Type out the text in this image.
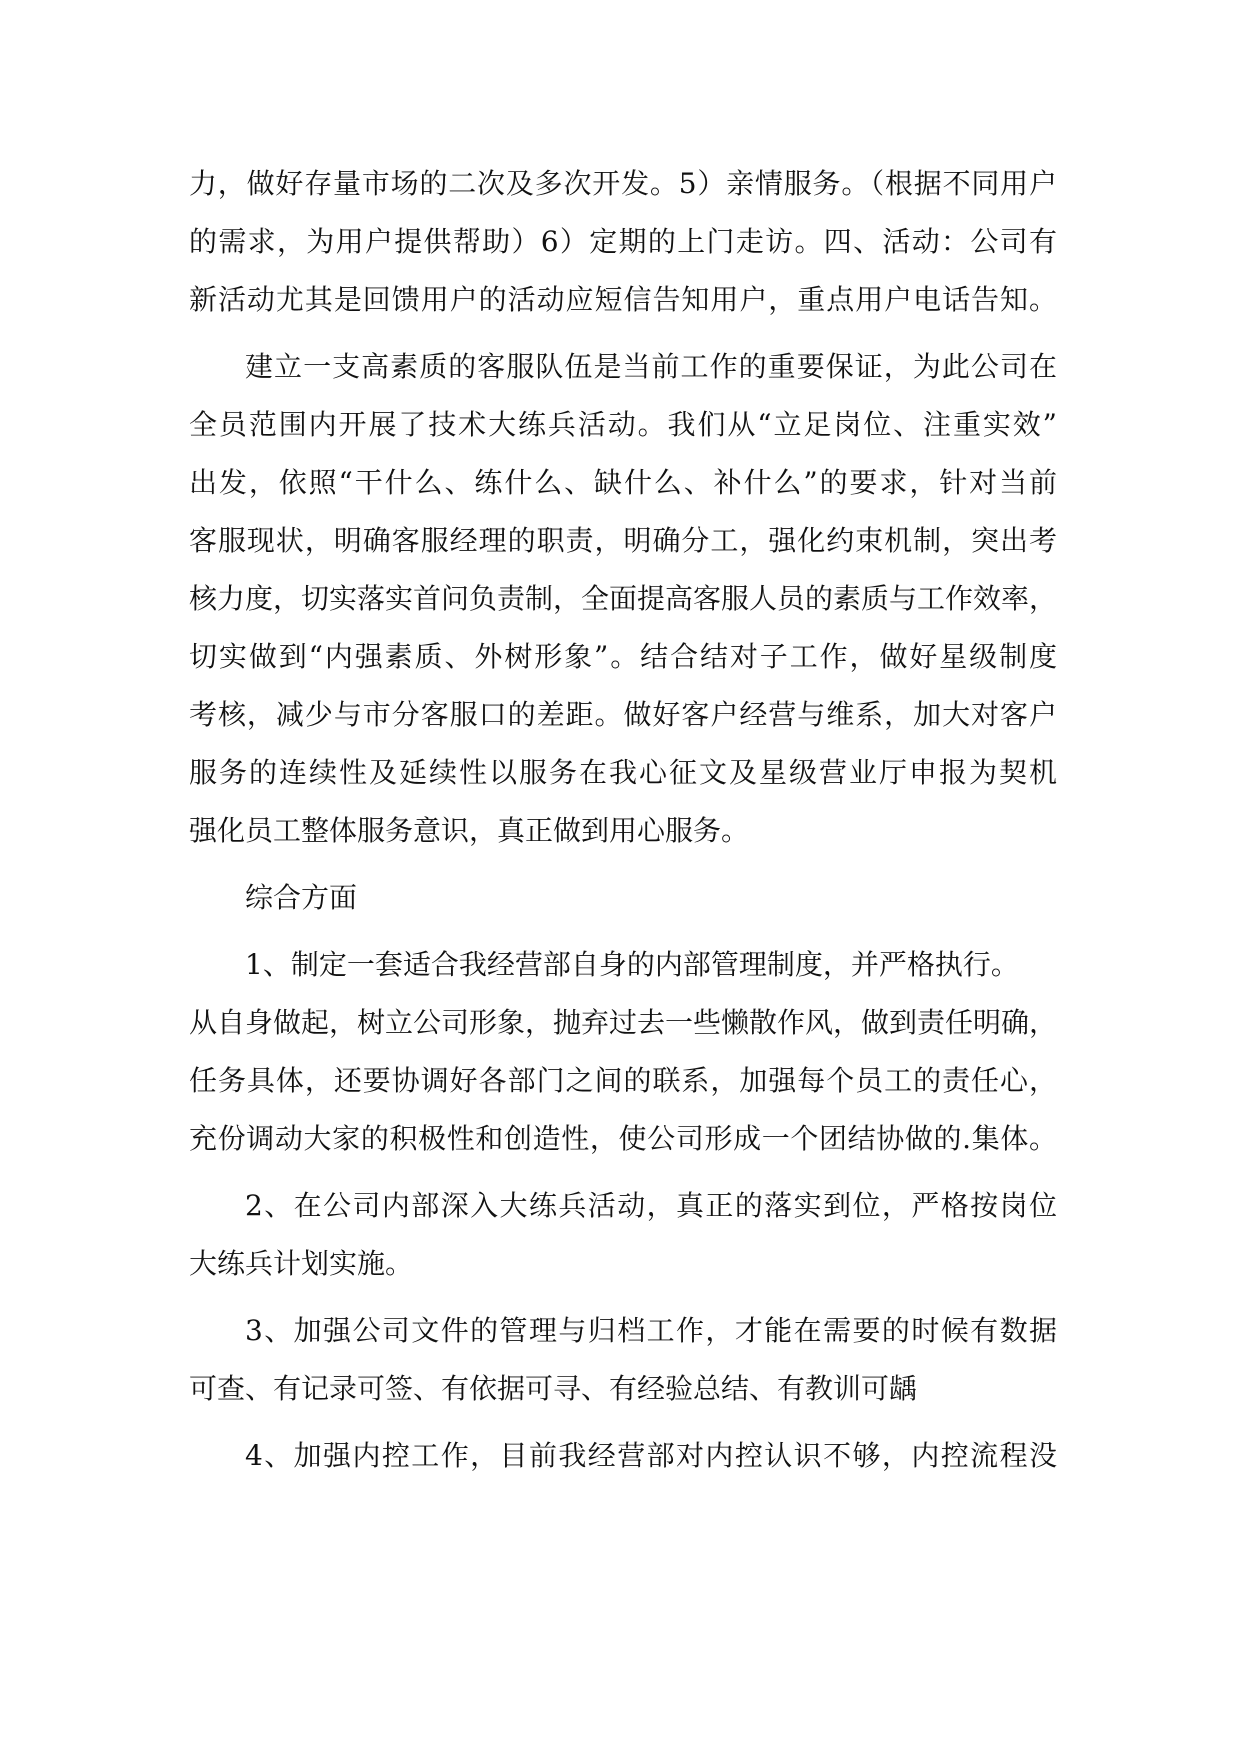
力，做好存量市场的二次及多次开发。5）亲情服务。（根据不同用户
的需求，为用户提供帮助）6）定期的上门走访。四、活动：公司有
新活动尤其是回馈用户的活动应短信告知用户，重点用户电话告知。
建立一支高素质的客服队伍是当前工作的重要保证，为此公司在
全员范围内开展了技术大练兵活动。我们从“立足岗位、注重实效”
出发，依照“干什么、练什么、缺什么、补什么”的要求，针对当前
客服现状，明确客服经理的职责，明确分工，强化约束机制，突出考
核力度，切实落实首问负责制，全面提高客服人员的素质与工作效率，
切实做到“内强素质、外树形象”。结合结对子工作，做好星级制度
考核，减少与市分客服口的差距。做好客户经营与维系，加大对客户
服务的连续性及延续性以服务在我心征文及星级营业厅申报为契机
强化员工整体服务意识，真正做到用心服务。
综合方面
1、制定一套适合我经营部自身的内部管理制度，并严格执行。
从自身做起，树立公司形象，抛弃过去一些懒散作风，做到责任明确，
任务具体，还要协调好各部门之间的联系，加强每个员工的责任心，
充份调动大家的积极性和创造性，使公司形成一个团结协做的.集体。
2、在公司内部深入大练兵活动，真正的落实到位，严格按岗位
大练兵计划实施。
3、加强公司文件的管理与归档工作，才能在需要的时候有数据
可查、有记录可签、有依据可寻、有经验总结、有教训可龋
4、加强内控工作，目前我经营部对内控认识不够，内控流程没
